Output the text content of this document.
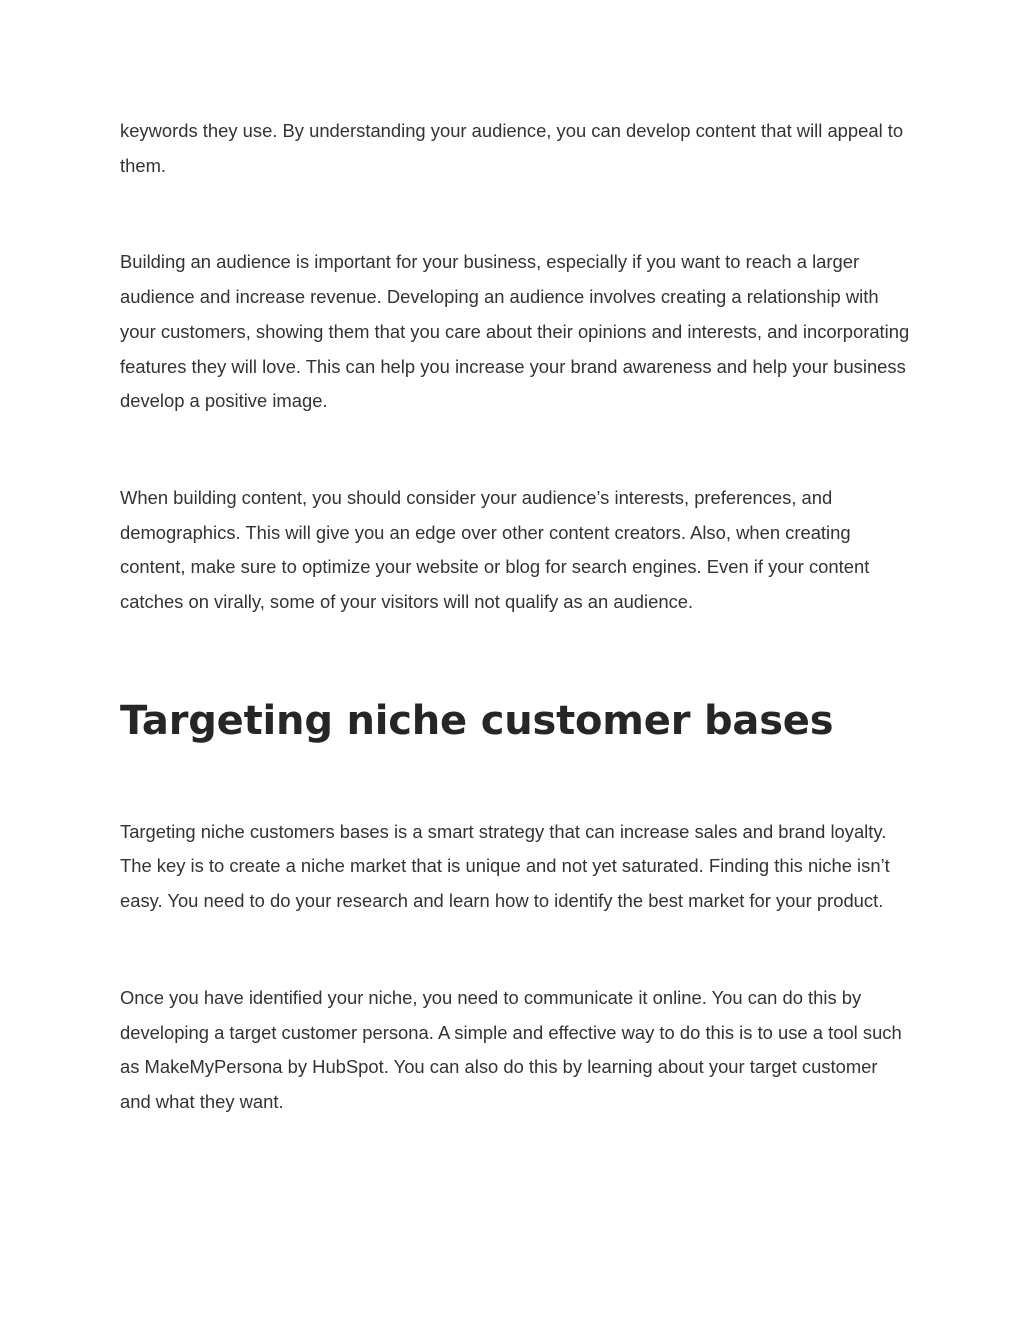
keywords they use. By understanding your audience, you can develop content that will appeal to them.

Building an audience is important for your business, especially if you want to reach a larger audience and increase revenue. Developing an audience involves creating a relationship with your customers, showing them that you care about their opinions and interests, and incorporating features they will love. This can help you increase your brand awareness and help your business develop a positive image.

When building content, you should consider your audience’s interests, preferences, and demographics. This will give you an edge over other content creators. Also, when creating content, make sure to optimize your website or blog for search engines. Even if your content catches on virally, some of your visitors will not qualify as an audience.

Targeting niche customer bases

Targeting niche customers bases is a smart strategy that can increase sales and brand loyalty. The key is to create a niche market that is unique and not yet saturated. Finding this niche isn’t easy. You need to do your research and learn how to identify the best market for your product.

Once you have identified your niche, you need to communicate it online. You can do this by developing a target customer persona. A simple and effective way to do this is to use a tool such as MakeMyPersona by HubSpot. You can also do this by learning about your target customer and what they want.
